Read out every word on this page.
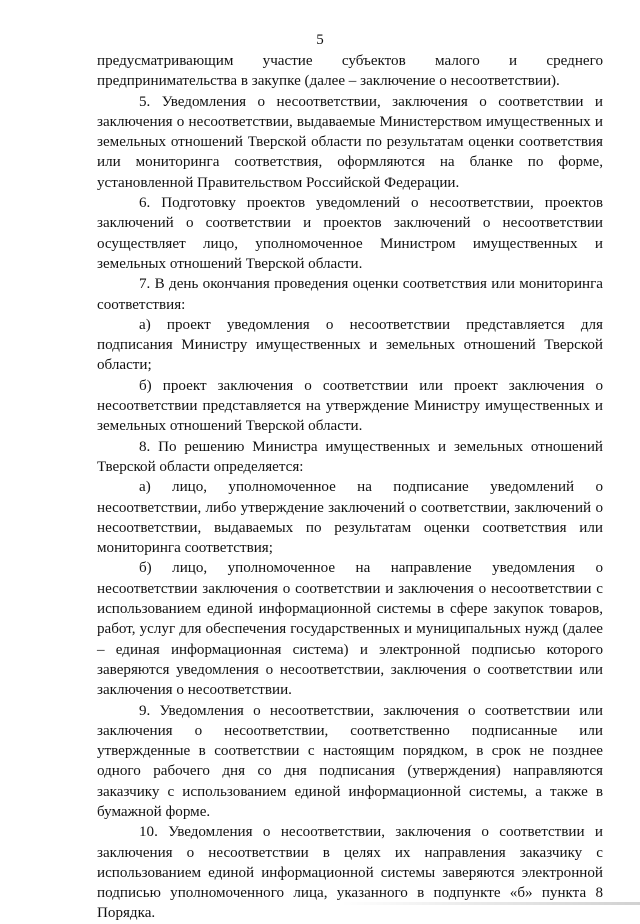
5

предусматривающим участие субъектов малого и среднего предпринимательства в закупке (далее – заключение о несоответствии).

5. Уведомления о несоответствии, заключения о соответствии и заключения о несоответствии, выдаваемые Министерством имущественных и земельных отношений Тверской области по результатам оценки соответствия или мониторинга соответствия, оформляются на бланке по форме, установленной Правительством Российской Федерации.

6. Подготовку проектов уведомлений о несоответствии, проектов заключений о соответствии и проектов заключений о несоответствии осуществляет лицо, уполномоченное Министром имущественных и земельных отношений Тверской области.

7. В день окончания проведения оценки соответствия или мониторинга соответствия:

а) проект уведомления о несоответствии представляется для подписания Министру имущественных и земельных отношений Тверской области;

б) проект заключения о соответствии или проект заключения о несоответствии представляется на утверждение Министру имущественных и земельных отношений Тверской области.

8. По решению Министра имущественных и земельных отношений Тверской области определяется:

а) лицо, уполномоченное на подписание уведомлений о несоответствии, либо утверждение заключений о соответствии, заключений о несоответствии, выдаваемых по результатам оценки соответствия или мониторинга соответствия;

б) лицо, уполномоченное на направление уведомления о несоответствии заключения о соответствии и заключения о несоответствии с использованием единой информационной системы в сфере закупок товаров, работ, услуг для обеспечения государственных и муниципальных нужд (далее – единая информационная система) и электронной подписью которого заверяются уведомления о несоответствии, заключения о соответствии или заключения о несоответствии.

9. Уведомления о несоответствии, заключения о соответствии или заключения о несоответствии, соответственно подписанные или утвержденные в соответствии с настоящим порядком, в срок не позднее одного рабочего дня со дня подписания (утверждения) направляются заказчику с использованием единой информационной системы, а также в бумажной форме.

10. Уведомления о несоответствии, заключения о соответствии и заключения о несоответствии в целях их направления заказчику с использованием единой информационной системы заверяются электронной подписью уполномоченного лица, указанного в подпункте «б» пункта 8 Порядка.
